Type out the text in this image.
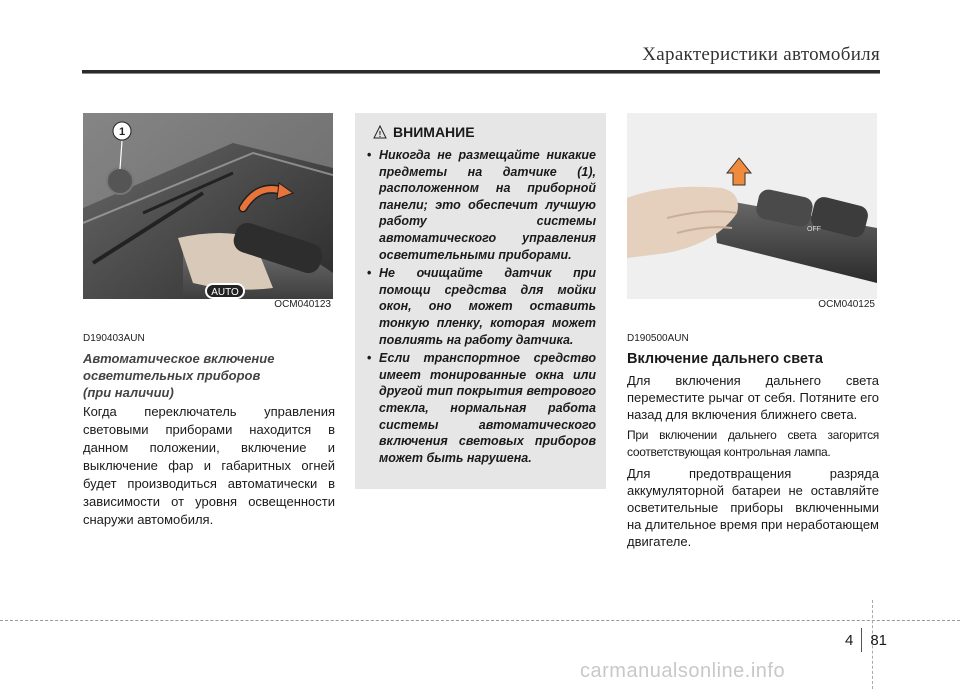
Характеристики автомобиля
1
AUTO
OCM040123
D190403AUN
Автоматическое включение
осветительных приборов
(при наличии)
Когда переключатель управления световыми приборами находится в данном положении, включение и выключение фар и габаритных огней будет производиться автоматически в зависимости от уровня освещенности снаружи автомобиля.
! ВНИМАНИЕ
• Никогда не размещайте никакие предметы на датчике (1), расположенном на приборной панели; это обеспечит лучшую работу системы автоматического управления осветительными приборами.
• Не очищайте датчик при помощи средства для мойки окон, оно может оставить тонкую пленку, которая может повлиять на работу датчика.
• Если транспортное средство имеет тонированные окна или другой тип покрытия ветрового стекла, нормальная работа системы автоматического включения световых приборов может быть нарушена.
OFF
OCM040125
D190500AUN
Включение дальнего света

Для включения дальнего света переместите рычаг от себя. Потяните его назад для включения ближнего света.

При включении дальнего света загорится соответствующая контрольная лампа.

Для предотвращения разряда аккумуляторной батареи не оставляйте осветительные приборы включенными на длительное время при неработающем двигателе.

4 81
carmanualsonline.info
